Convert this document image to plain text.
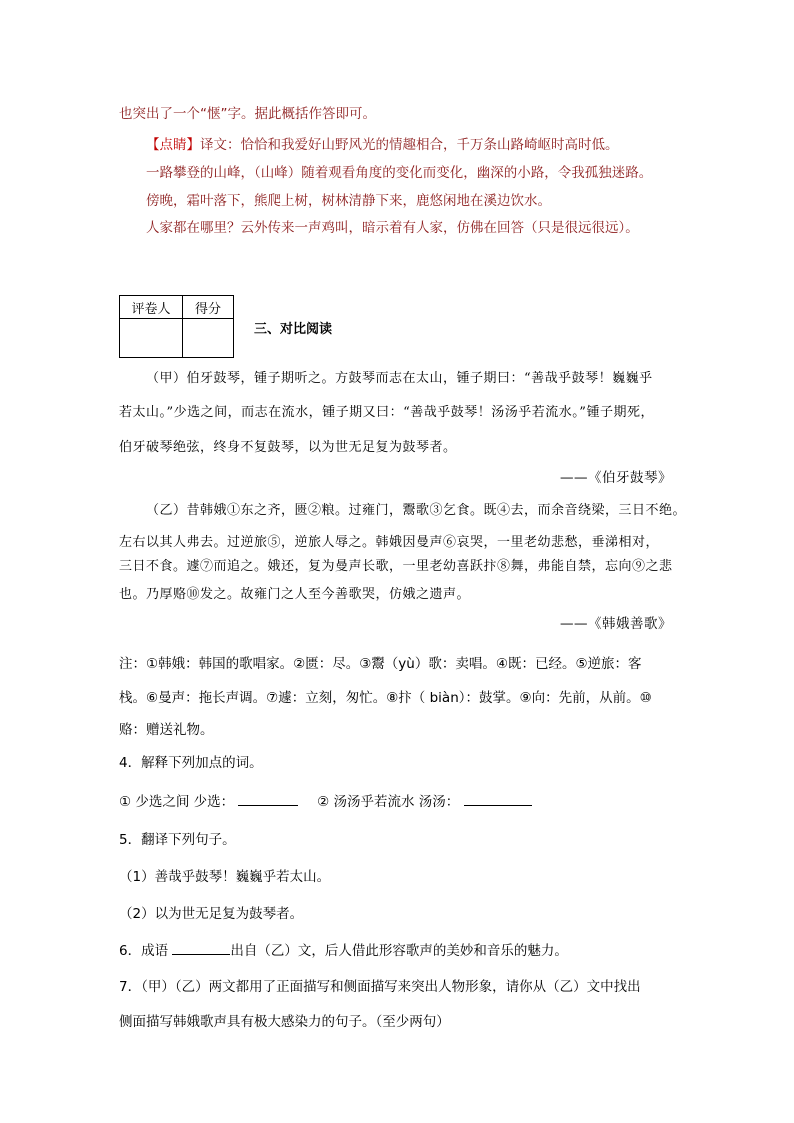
也突出了一个“惬”字。据此概括作答即可。
【点睛】译文：恰恰和我爱好山野风光的情趣相合，千万条山路崎岖时高时低。
一路攀登的山峰，（山峰）随着观看角度的变化而变化，幽深的小路，令我孤独迷路。
傍晚，霜叶落下，熊爬上树，树林清静下来，鹿悠闲地在溪边饮水。
人家都在哪里？云外传来一声鸡叫，暗示着有人家，仿佛在回答（只是很远很远）。
评卷人	得分

三、对比阅读
（甲）伯牙鼓琴，锺子期听之。方鼓琴而志在太山，锺子期曰：“善哉乎鼓琴！巍巍乎
若太山。”少选之间，而志在流水，锺子期又曰：“善哉乎鼓琴！汤汤乎若流水。”锺子期死，
伯牙破琴绝弦，终身不复鼓琴，以为世无足复为鼓琴者。
——《伯牙鼓琴》
（乙）昔韩娥①东之齐，匮②粮。过雍门，鬻歌③乞食。既④去，而余音绕梁，三日不绝。
左右以其人弗去。过逆旅⑤，逆旅人辱之。韩娥因曼声⑥哀哭，一里老幼悲愁，垂涕相对，
三日不食。遽⑦而追之。娥还，复为曼声长歌，一里老幼喜跃抃⑧舞，弗能自禁，忘向⑨之悲
也。乃厚赂⑩发之。故雍门之人至今善歌哭，仿娥之遗声。
——《韩娥善歌》
注：①韩娥：韩国的歌唱家。②匮：尽。③鬻（yù）歌：卖唱。④既：已经。⑤逆旅：客
栈。⑥曼声：拖长声调。⑦遽：立刻，匆忙。⑧抃（ biàn）：鼓掌。⑨向：先前，从前。⑩
赂：赠送礼物。
4．解释下列加点的词。
① 少选之间 少选：	② 汤汤乎若流水 汤汤：
5．翻译下列句子。
（1）善哉乎鼓琴！巍巍乎若太山。
（2）以为世无足复为鼓琴者。
6．成语	出自（乙）文，后人借此形容歌声的美妙和音乐的魅力。
7．（甲）（乙）两文都用了正面描写和侧面描写来突出人物形象，请你从（乙）文中找出
侧面描写韩娥歌声具有极大感染力的句子。（至少两句）
